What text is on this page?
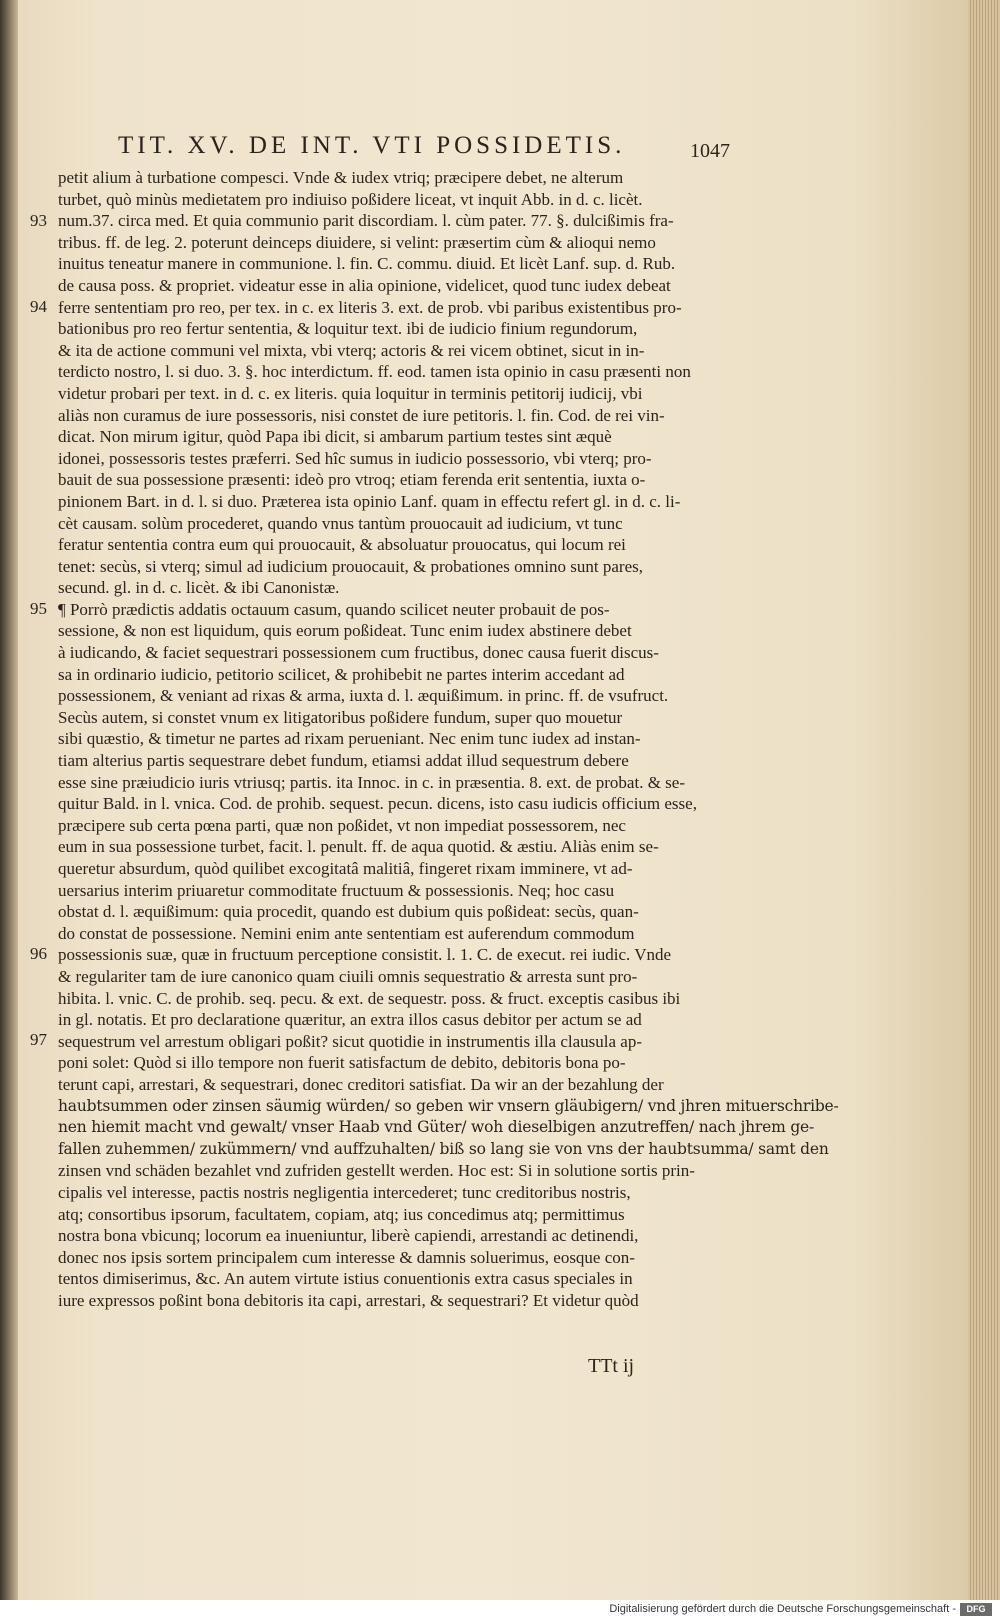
TIT. XV. DE INT. VTI POSSIDETIS.	1047
93
94
95
96
97
petit alium à turbatione compesci. Vnde & iudex vtriq; præcipere debet, ne alterum
turbet, quò minùs medietatem pro indiuiso poßidere liceat, vt inquit Abb. in d. c. licèt.
num.37. circa med. Et quia communio parit discordiam. l. cùm pater. 77. §. dulcißimis fra-
tribus. ff. de leg. 2. poterunt deinceps diuidere, si velint: præsertim cùm & alioqui nemo
inuitus teneatur manere in communione. l. fin. C. commu. diuid. Et licèt Lanf. sup. d. Rub.
de causa poss. & propriet. videatur esse in alia opinione, videlicet, quod tunc iudex debeat
ferre sententiam pro reo, per tex. in c. ex literis 3. ext. de prob. vbi paribus existentibus pro-
bationibus pro reo fertur sententia, & loquitur text. ibi de iudicio finium regundorum,
& ita de actione communi vel mixta, vbi vterq; actoris & rei vicem obtinet, sicut in in-
terdicto nostro, l. si duo. 3. §. hoc interdictum. ff. eod. tamen ista opinio in casu præsenti non
videtur probari per text. in d. c. ex literis. quia loquitur in terminis petitorij iudicij, vbi
aliàs non curamus de iure possessoris, nisi constet de iure petitoris. l. fin. Cod. de rei vin-
dicat. Non mirum igitur, quòd Papa ibi dicit, si ambarum partium testes sint æquè
idonei, possessoris testes præferri. Sed hîc sumus in iudicio possessorio, vbi vterq; pro-
bauit de sua possessione præsenti: ideò pro vtroq; etiam ferenda erit sententia, iuxta o-
pinionem Bart. in d. l. si duo. Præterea ista opinio Lanf. quam in effectu refert gl. in d. c. li-
cèt causam. solùm procederet, quando vnus tantùm prouocauit ad iudicium, vt tunc
feratur sententia contra eum qui prouocauit, & absoluatur prouocatus, qui locum rei
tenet: secùs, si vterq; simul ad iudicium prouocauit, & probationes omnino sunt pares,
secund. gl. in d. c. licèt. & ibi Canonistæ.
¶ Porrò prædictis addatis octauum casum, quando scilicet neuter probauit de pos-
sessione, & non est liquidum, quis eorum poßideat. Tunc enim iudex abstinere debet
à iudicando, & faciet sequestrari possessionem cum fructibus, donec causa fuerit discus-
sa in ordinario iudicio, petitorio scilicet, & prohibebit ne partes interim accedant ad
possessionem, & veniant ad rixas & arma, iuxta d. l. æquißimum. in princ. ff. de vsufruct.
Secùs autem, si constet vnum ex litigatoribus poßidere fundum, super quo mouetur
sibi quæstio, & timetur ne partes ad rixam perueniant. Nec enim tunc iudex ad instan-
tiam alterius partis sequestrare debet fundum, etiamsi addat illud sequestrum debere
esse sine præiudicio iuris vtriusq; partis. ita Innoc. in c. in præsentia. 8. ext. de probat. & se-
quitur Bald. in l. vnica. Cod. de prohib. sequest. pecun. dicens, isto casu iudicis officium esse,
præcipere sub certa pœna parti, quæ non poßidet, vt non impediat possessorem, nec
eum in sua possessione turbet, facit. l. penult. ff. de aqua quotid. & æstiu. Aliàs enim se-
queretur absurdum, quòd quilibet excogitatâ malitiâ, fingeret rixam imminere, vt ad-
uersarius interim priuaretur commoditate fructuum & possessionis. Neq; hoc casu
obstat d. l. æquißimum: quia procedit, quando est dubium quis poßideat: secùs, quan-
do constat de possessione. Nemini enim ante sententiam est auferendum commodum
possessionis suæ, quæ in fructuum perceptione consistit. l. 1. C. de execut. rei iudic. Vnde
& regulariter tam de iure canonico quam ciuili omnis sequestratio & arresta sunt pro-
hibita. l. vnic. C. de prohib. seq. pecu. & ext. de sequestr. poss. & fruct. exceptis casibus ibi
in gl. notatis. Et pro declaratione quæritur, an extra illos casus debitor per actum se ad
sequestrum vel arrestum obligari poßit? sicut quotidie in instrumentis illa clausula ap-
poni solet: Quòd si illo tempore non fuerit satisfactum de debito, debitoris bona po-
terunt capi, arrestari, & sequestrari, donec creditori satisfiat. Da wir an der bezahlung der
haubtsummen oder zinsen säumig würden/ so geben wir vnsern gläubigern/ vnd jhren mituerschribe-
nen hiemit macht vnd gewalt/ vnser Haab vnd Güter/ woh dieselbigen anzutreffen/ nach jhrem ge-
fallen zuhemmen/ zukümmern/ vnd auffzuhalten/ biß so lang sie von vns der haubtsumma/ samt den
zinsen vnd schäden bezahlet vnd zufriden gestellt werden. Hoc est: Si in solutione sortis prin-
cipalis vel interesse, pactis nostris negligentia intercederet; tunc creditoribus nostris,
atq; consortibus ipsorum, facultatem, copiam, atq; ius concedimus atq; permittimus
nostra bona vbicunq; locorum ea inueniuntur, liberè capiendi, arrestandi ac detinendi,
donec nos ipsis sortem principalem cum interesse & damnis soluerimus, eosque con-
tentos dimiserimus, &c. An autem virtute istius conuentionis extra casus speciales in
iure expressos poßint bona debitoris ita capi, arrestari, & sequestrari? Et videtur quòd
TTt ij
Digitalisierung gefördert durch die Deutsche Forschungsgemeinschaft -	DFG
